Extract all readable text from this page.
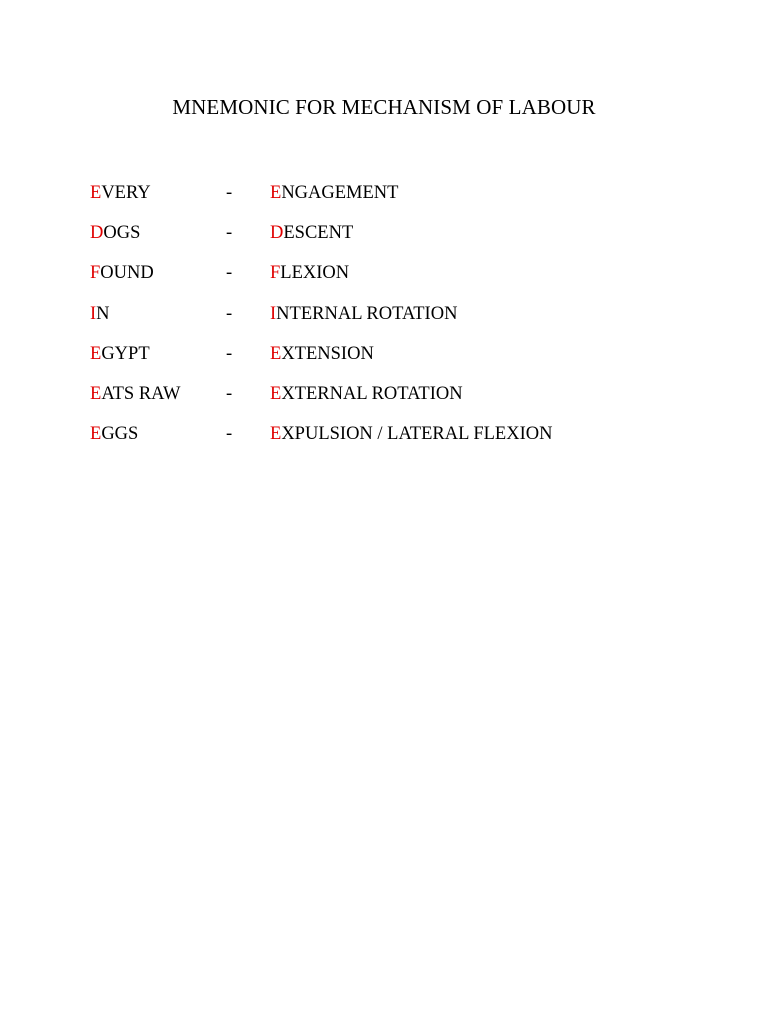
MNEMONIC FOR MECHANISM OF LABOUR
EVERY	- ENGAGEMENT
DOGS	- DESCENT
FOUND	- FLEXION
IN	- INTERNAL ROTATION
EGYPT	- EXTENSION
EATS RAW - EXTERNAL ROTATION
EGGS	- EXPULSION / LATERAL FLEXION
